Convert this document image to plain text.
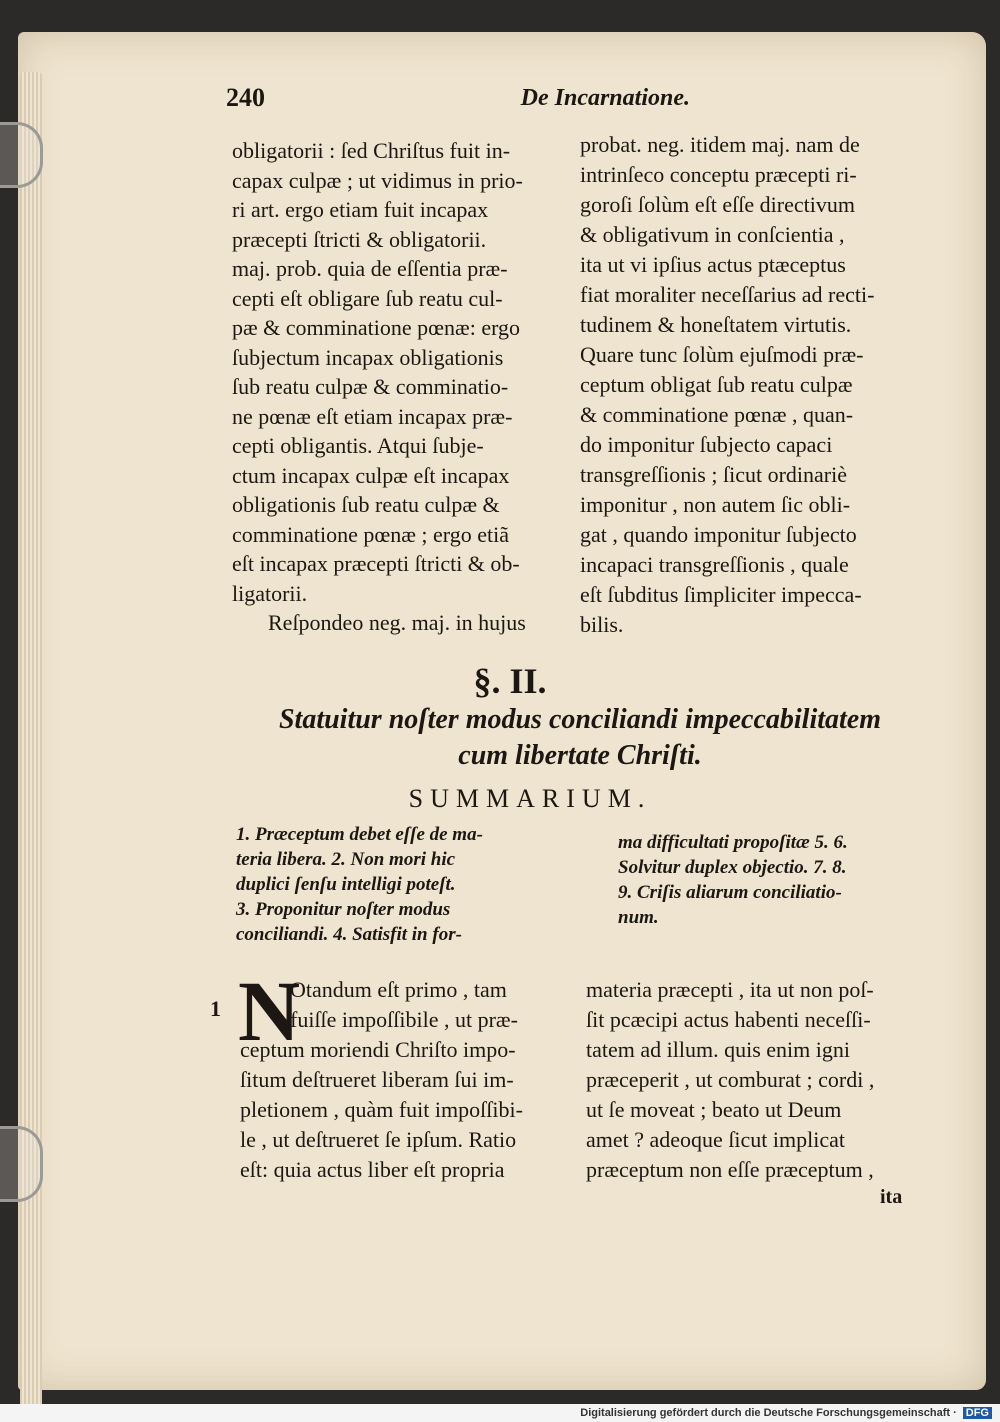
240	De Incarnatione.
obligatorii : ſed Chriſtus fuit in-
capax culpæ ; ut vidimus in prio-
ri art. ergo etiam fuit incapax
præcepti ſtricti & obligatorii.
maj. prob. quia de eſſentia præ-
cepti eſt obligare ſub reatu cul-
pæ & comminatione pœnæ: ergo
ſubjectum incapax obligationis
ſub reatu culpæ & comminatio-
ne pœnæ eſt etiam incapax præ-
cepti obligantis. Atqui ſubje-
ctum incapax culpæ eſt incapax
obligationis ſub reatu culpæ &
comminatione pœnæ ; ergo etiã
eſt incapax præcepti ſtricti & ob-
ligatorii.
Reſpondeo neg. maj. in hujus
probat. neg. itidem maj. nam de
intrinſeco conceptu præcepti ri-
goroſi ſolùm eſt eſſe directivum
& obligativum in conſcientia ,
ita ut vi ipſius actus ptæceptus
fiat moraliter neceſſarius ad recti-
tudinem & honeſtatem virtutis.
Quare tunc ſolùm ejuſmodi præ-
ceptum obligat ſub reatu culpæ
& comminatione pœnæ , quan-
do imponitur ſubjecto capaci
transgreſſionis ; ſicut ordinariè
imponitur , non autem ſic obli-
gat , quando imponitur ſubjecto
incapaci transgreſſionis , quale
eſt ſubditus ſimpliciter impecca-
bilis.
§. II.
Statuitur noſter modus conciliandi impeccabilitatem
cum libertate Chriſti.
SUMMARIUM.
1. Præceptum debet eſſe de ma-
teria libera. 2. Non mori hic
duplici ſenſu intelligi poteſt.
3. Proponitur noſter modus
conciliandi. 4. Satisfit in for-
ma difficultati propoſitæ 5. 6.
Solvitur duplex objectio. 7. 8.
9. Criſis aliarum conciliatio-
num.
1 N
Otandum eſt primo , tam
fuiſſe impoſſibile , ut præ-
ceptum moriendi Chriſto impo-
ſitum deſtrueret liberam ſui im-
pletionem , quàm fuit impoſſibi-
le , ut deſtrueret ſe ipſum. Ratio
eſt: quia actus liber eſt propria
materia præcepti , ita ut non poſ-
ſit pcæcipi actus habenti neceſſi-
tatem ad illum. quis enim igni
præceperit , ut comburat ; cordi ,
ut ſe moveat ; beato ut Deum
amet ? adeoque ſicut implicat
præceptum non eſſe præceptum ,
ita
Digitalisierung gefördert durch die Deutsche Forschungsgemeinschaft · DFG
